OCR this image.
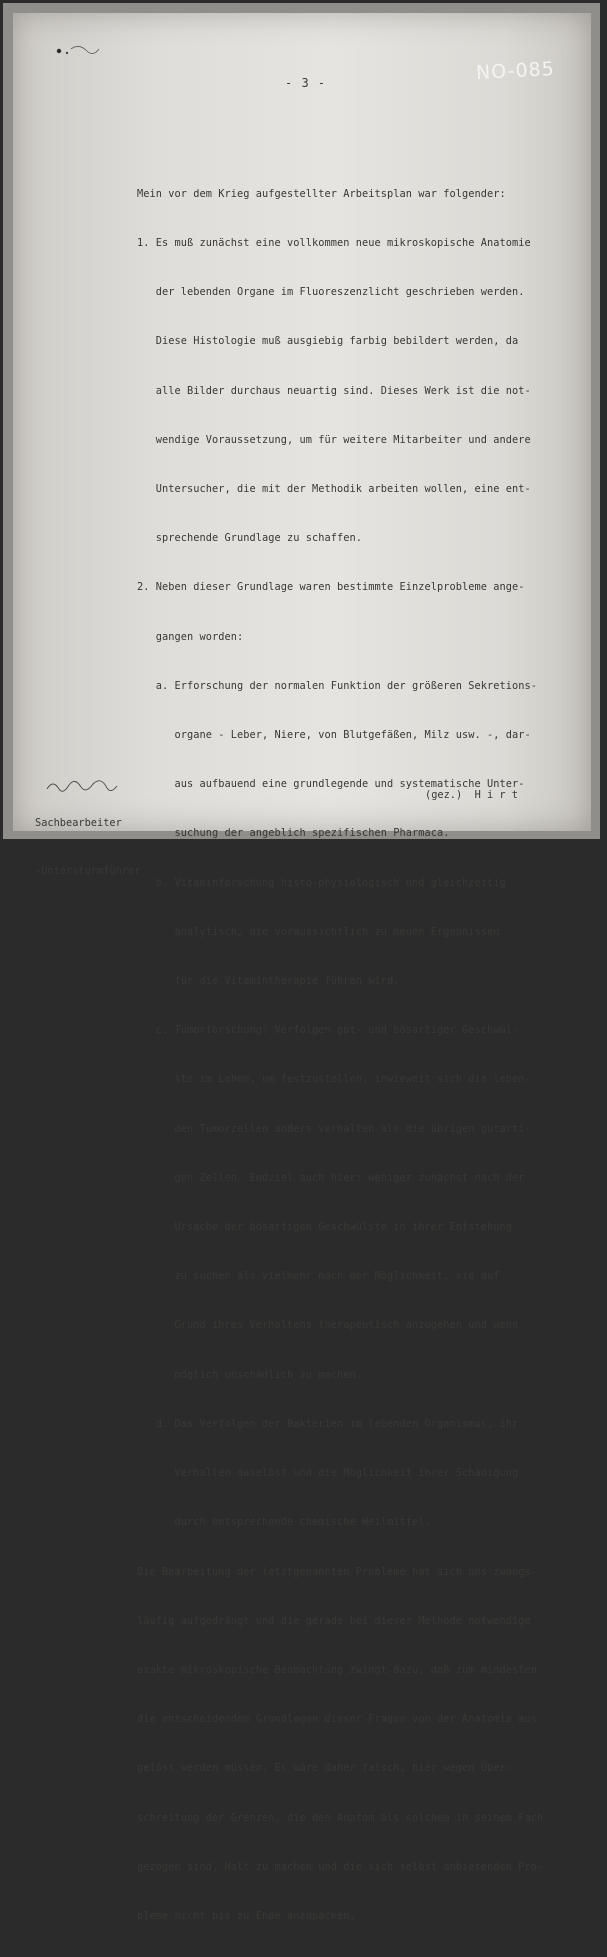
- 3 -	NO-085

Mein vor dem Krieg aufgestellter Arbeitsplan war folgender:

1. Es muß zunächst eine vollkommen neue mikroskopische Anatomie

der lebenden Organe im Fluoreszenzlicht geschrieben werden.

Diese Histologie muß ausgiebig farbig bebildert werden, da

alle Bilder durchaus neuartig sind. Dieses Werk ist die not-

wendige Voraussetzung, um für weitere Mitarbeiter und andere

Untersucher, die mit der Methodik arbeiten wollen, eine ent-

sprechende Grundlage zu schaffen.

2. Neben dieser Grundlage waren bestimmte Einzelprobleme ange-

gangen worden:

a. Erforschung der normalen Funktion der größeren Sekretions-

organe - Leber, Niere, von Blutgefäßen, Milz usw. -, dar-

aus aufbauend eine grundlegende und systematische Unter-

suchung der angeblich spezifischen Pharmaca.

b. Vitaminforschung histo-physiologisch und gleichzeitig

analytisch, die voraussichtlich zu neuen Ergebnissen

für die Vitamintherapie führen wird.

c. Tumorforschung: Verfolgen gut- und bösartiger Geschwül-

ste im Leben, um festzustellen, inwieweit sich die leben-

den Tumorzellen anders verhalten als die übrigen gutarti-

gen Zellen. Endziel auch hier: weniger zunächst nach der

Ursache der bösartigen Geschwülste in ihrer Entstehung

zu suchen als vielmehr nach der Möglichkeit, sie auf

Grund ihres Verhaltens therapeutisch anzugehen und wenn

möglich unschädlich zu machen.

d. Das Verfolgen der Bakterien im lebenden Organismus, ihr

Verhalten daselbst und die Möglichkeit ihrer Schädigung

durch entsprechende chemische Heilmittel.

Die Bearbeitung der letztgenannten Probleme hat sich uns zwangs-

läufig aufgedrängt und die gerade bei dieser Methode notwendige

exakte mikroskopische Beobachtung zwingt dazu, daß zum mindesten

die entscheidenden Grundlagen dieser Fragen von der Anatomie aus

gelöst werden müssen. Es wäre daher falsch, hier wegen Über-

schreitung der Grenzen, die den Anatom als solchem in seinem Fach

gezogen sind, Halt zu machen und die sich selbst anbietenden Pro-

bleme nicht bis zu Ende anzupacken.

Sachbearbeiter

-Untersturmführer

(gez.)  H i r t
